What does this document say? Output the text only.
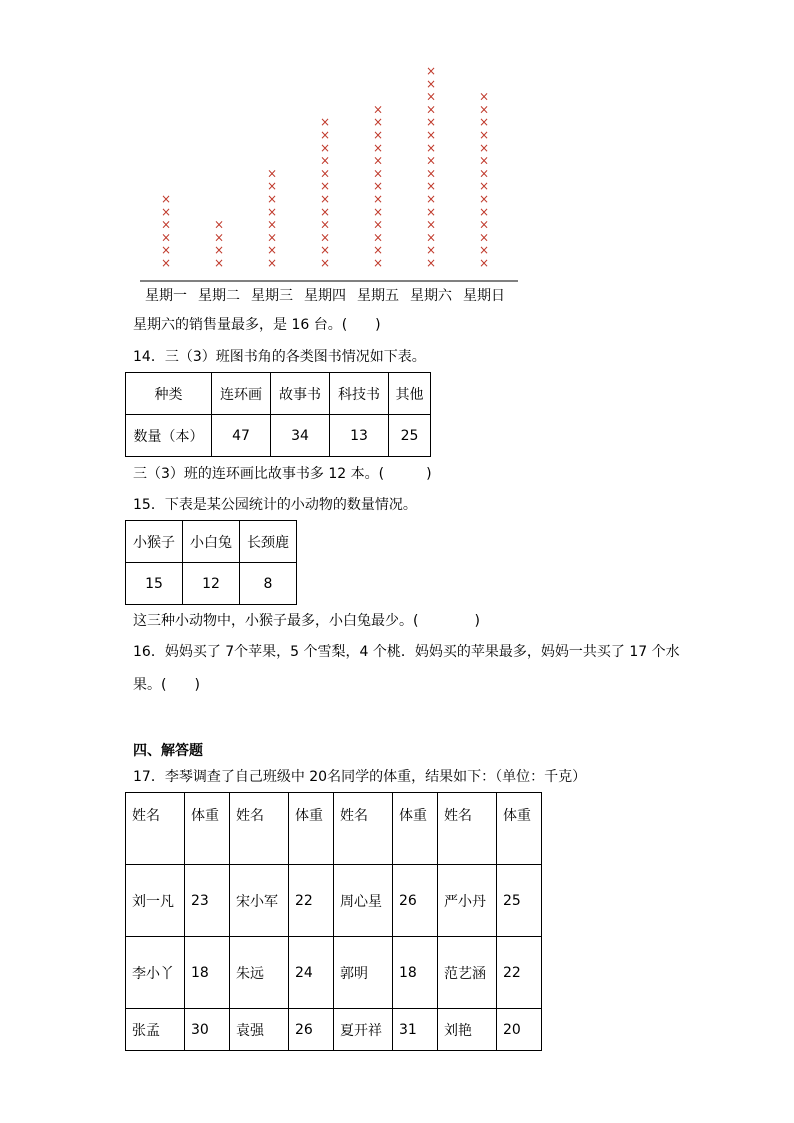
×
×
×
×
×
×
×
×
×
×
×
×
×
×
×
×
×
×
×
×
×
×
×
×
×
×
×
×
×
×
×
×
×
×
×
×
×
×
×
×
×
×
×
×
×
×
×
×
×
×
×
×
×
×
×
×
×
×
×
×
×
×
×
×
×
×
×
×
×
×
×
×
×
星期一 星期二 星期三 星期四 星期五 星期六 星期日
星期六的销售量最多，是 16 台。(　　)
14．三（3）班图书角的各类图书情况如下表。
种类	连环画	故事书	科技书	其他
数量（本）	47	34	13	25
三（3）班的连环画比故事书多 12 本。(　　　)
15．下表是某公园统计的小动物的数量情况。
小猴子	小白兔	长颈鹿
15	12	8
这三种小动物中，小猴子最多，小白兔最少。(　　　　)
16．妈妈买了 7个苹果，5 个雪梨，4 个桃．妈妈买的苹果最多，妈妈一共买了 17 个水
果。(　　)
四、解答题
17．李琴调查了自己班级中 20名同学的体重，结果如下：（单位：千克）
姓名	体重	姓名	体重	姓名	体重	姓名	体重
刘一凡	23	宋小军	22	周心星	26	严小丹	25
李小丫	18	朱远	24	郭明	18	范艺涵	22
张孟	30	袁强	26	夏开祥	31	刘艳	20
